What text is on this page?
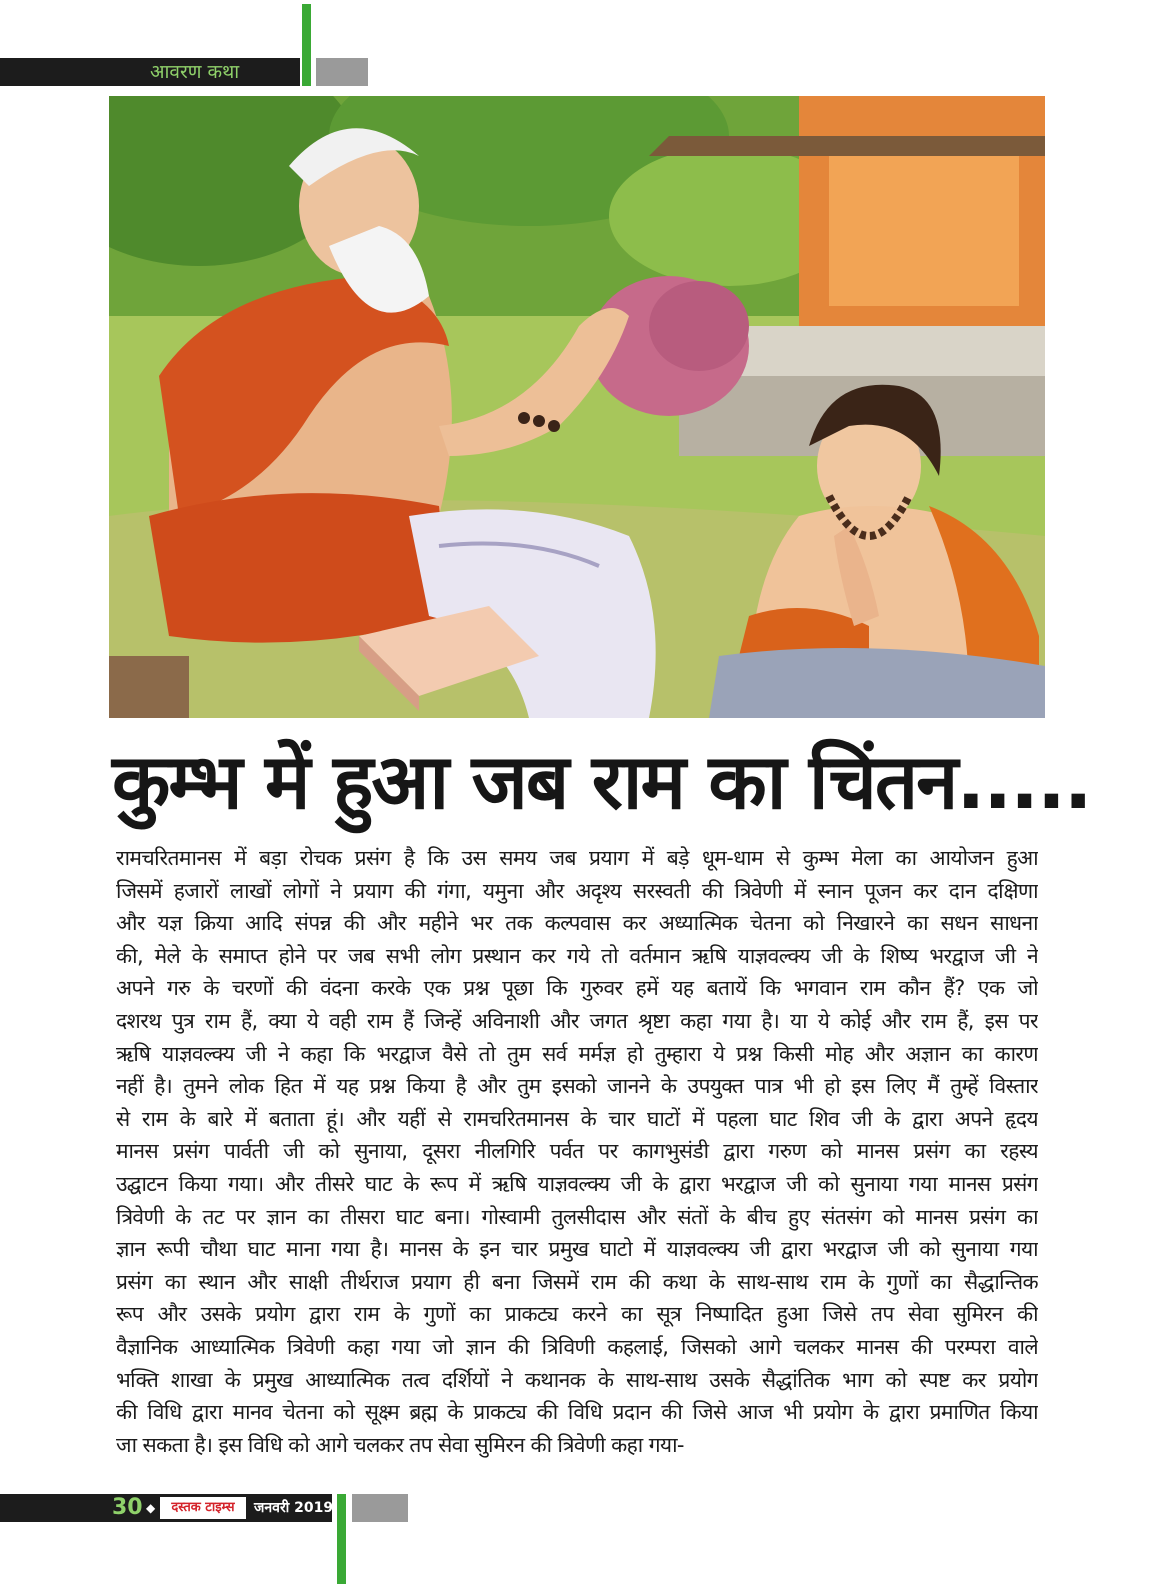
आवरण कथा
कुम्भ में हुआ जब राम का चिंतन.....
रामचरितमानस में बड़ा रोचक प्रसंग है कि उस समय जब प्रयाग में बड़े धूम-धाम से कुम्भ मेला का आयोजन हुआ
जिसमें हजारों लाखों लोगों ने प्रयाग की गंगा, यमुना और अदृश्य सरस्वती की त्रिवेणी में स्नान पूजन कर दान दक्षिणा
और यज्ञ क्रिया आदि संपन्न की और महीने भर तक कल्पवास कर अध्यात्मिक चेतना को निखारने का सधन साधना
की, मेले के समाप्त होने पर जब सभी लोग प्रस्थान कर गये तो वर्तमान ऋषि याज्ञवल्क्य जी के शिष्य भरद्वाज जी ने
अपने गरु के चरणों की वंदना करके एक प्रश्न पूछा कि गुरुवर हमें यह बतायें कि भगवान राम कौन हैं? एक जो
दशरथ पुत्र राम हैं, क्या ये वही राम हैं जिन्हें अविनाशी और जगत श्रृष्टा कहा गया है। या ये कोई और राम हैं, इस पर
ऋषि याज्ञवल्क्य जी ने कहा कि भरद्वाज वैसे तो तुम सर्व मर्मज्ञ हो तुम्हारा ये प्रश्न किसी मोह और अज्ञान का कारण
नहीं है। तुमने लोक हित में यह प्रश्न किया है और तुम इसको जानने के उपयुक्त पात्र भी हो इस लिए मैं तुम्हें विस्तार
से राम के बारे में बताता हूं। और यहीं से रामचरितमानस के चार घाटों में पहला घाट शिव जी के द्वारा अपने हृदय
मानस प्रसंग पार्वती जी को सुनाया, दूसरा नीलगिरि पर्वत पर कागभुसंडी द्वारा गरुण को मानस प्रसंग का रहस्य
उद्घाटन किया गया। और तीसरे घाट के रूप में ऋषि याज्ञवल्क्य जी के द्वारा भरद्वाज जी को सुनाया गया मानस प्रसंग
त्रिवेणी के तट पर ज्ञान का तीसरा घाट बना। गोस्वामी तुलसीदास और संतों के बीच हुए संतसंग को मानस प्रसंग का
ज्ञान रूपी चौथा घाट माना गया है। मानस के इन चार प्रमुख घाटो में याज्ञवल्क्य जी द्वारा भरद्वाज जी को सुनाया गया
प्रसंग का स्थान और साक्षी तीर्थराज प्रयाग ही बना जिसमें राम की कथा के साथ-साथ राम के गुणों का सैद्धान्तिक
रूप और उसके प्रयोग द्वारा राम के गुणों का प्राकट्य करने का सूत्र निष्पादित हुआ जिसे तप सेवा सुमिरन की
वैज्ञानिक आध्यात्मिक त्रिवेणी कहा गया जो ज्ञान की त्रिविणी कहलाई, जिसको आगे चलकर मानस की परम्परा वाले
भक्ति शाखा के प्रमुख आध्यात्मिक तत्व दर्शियों ने कथानक के साथ-साथ उसके सैद्धांतिक भाग को स्पष्ट कर प्रयोग
की विधि द्वारा मानव चेतना को सूक्ष्म ब्रह्म के प्राकट्य की विधि प्रदान की जिसे आज भी प्रयोग के द्वारा प्रमाणित किया
जा सकता है। इस विधि को आगे चलकर तप सेवा सुमिरन की त्रिवेणी कहा गया-
30 ◆	दस्तक टाइम्स	जनवरी 2019
